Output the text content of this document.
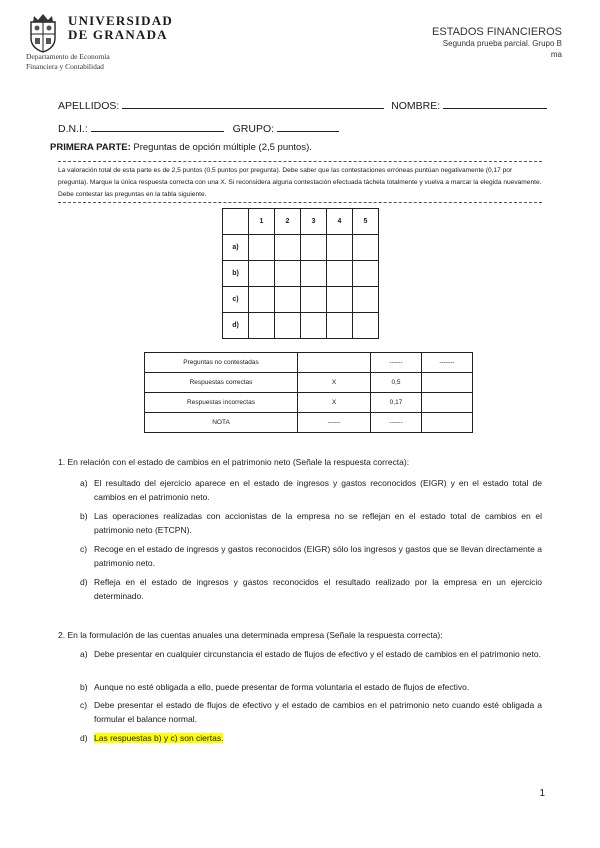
UNIVERSIDAD
DE GRANADA
Departamento de Economía
Financiera y Contabilidad
ESTADOS FINANCIEROS
Segunda prueba parcial. Grupo B
ma
APELLIDOS:	NOMBRE:
D.N.I.:	GRUPO:
PRIMERA PARTE: Preguntas de opción múltiple (2,5 puntos).
La valoración total de esta parte es de 2,5 puntos (0,5 puntos por pregunta). Debe saber que las contestaciones erróneas puntúan negativamente (0,17 por pregunta). Marque la única respuesta correcta con una X. Si reconsidera alguna contestación efectuada táchela totalmente y vuelva a marcar la elegida nuevamente. Debe contestar las preguntas en la tabla siguiente.
	1	2	3	4	5
a)					
b)					
c)					
d)					
Preguntas no contestadas		------	-------
Respuestas correctas	X	0,5	
Respuestas incorrectas	X	0,17	
NOTA	------	------	
1. En relación con el estado de cambios en el patrimonio neto (Señale la respuesta correcta):
a) El resultado del ejercicio aparece en el estado de ingresos y gastos reconocidos (EIGR) y en el estado total de cambios en el patrimonio neto.
b) Las operaciones realizadas con accionistas de la empresa no se reflejan en el estado total de cambios en el patrimonio neto (ETCPN).
c) Recoge en el estado de ingresos y gastos reconocidos (EIGR) sólo los ingresos y gastos que se llevan directamente a patrimonio neto.
d) Refleja en el estado de ingresos y gastos reconocidos el resultado realizado por la empresa en un ejercicio determinado.
2. En la formulación de las cuentas anuales una determinada empresa (Señale la respuesta correcta):
a) Debe presentar en cualquier circunstancia el estado de flujos de efectivo y el estado de cambios en el patrimonio neto.
b) Aunque no esté obligada a ello, puede presentar de forma voluntaria el estado de flujos de efectivo.
c) Debe presentar el estado de flujos de efectivo y el estado de cambios en el patrimonio neto cuando esté obligada a formular el balance normal.
d) Las respuestas b) y c) son ciertas.
1
